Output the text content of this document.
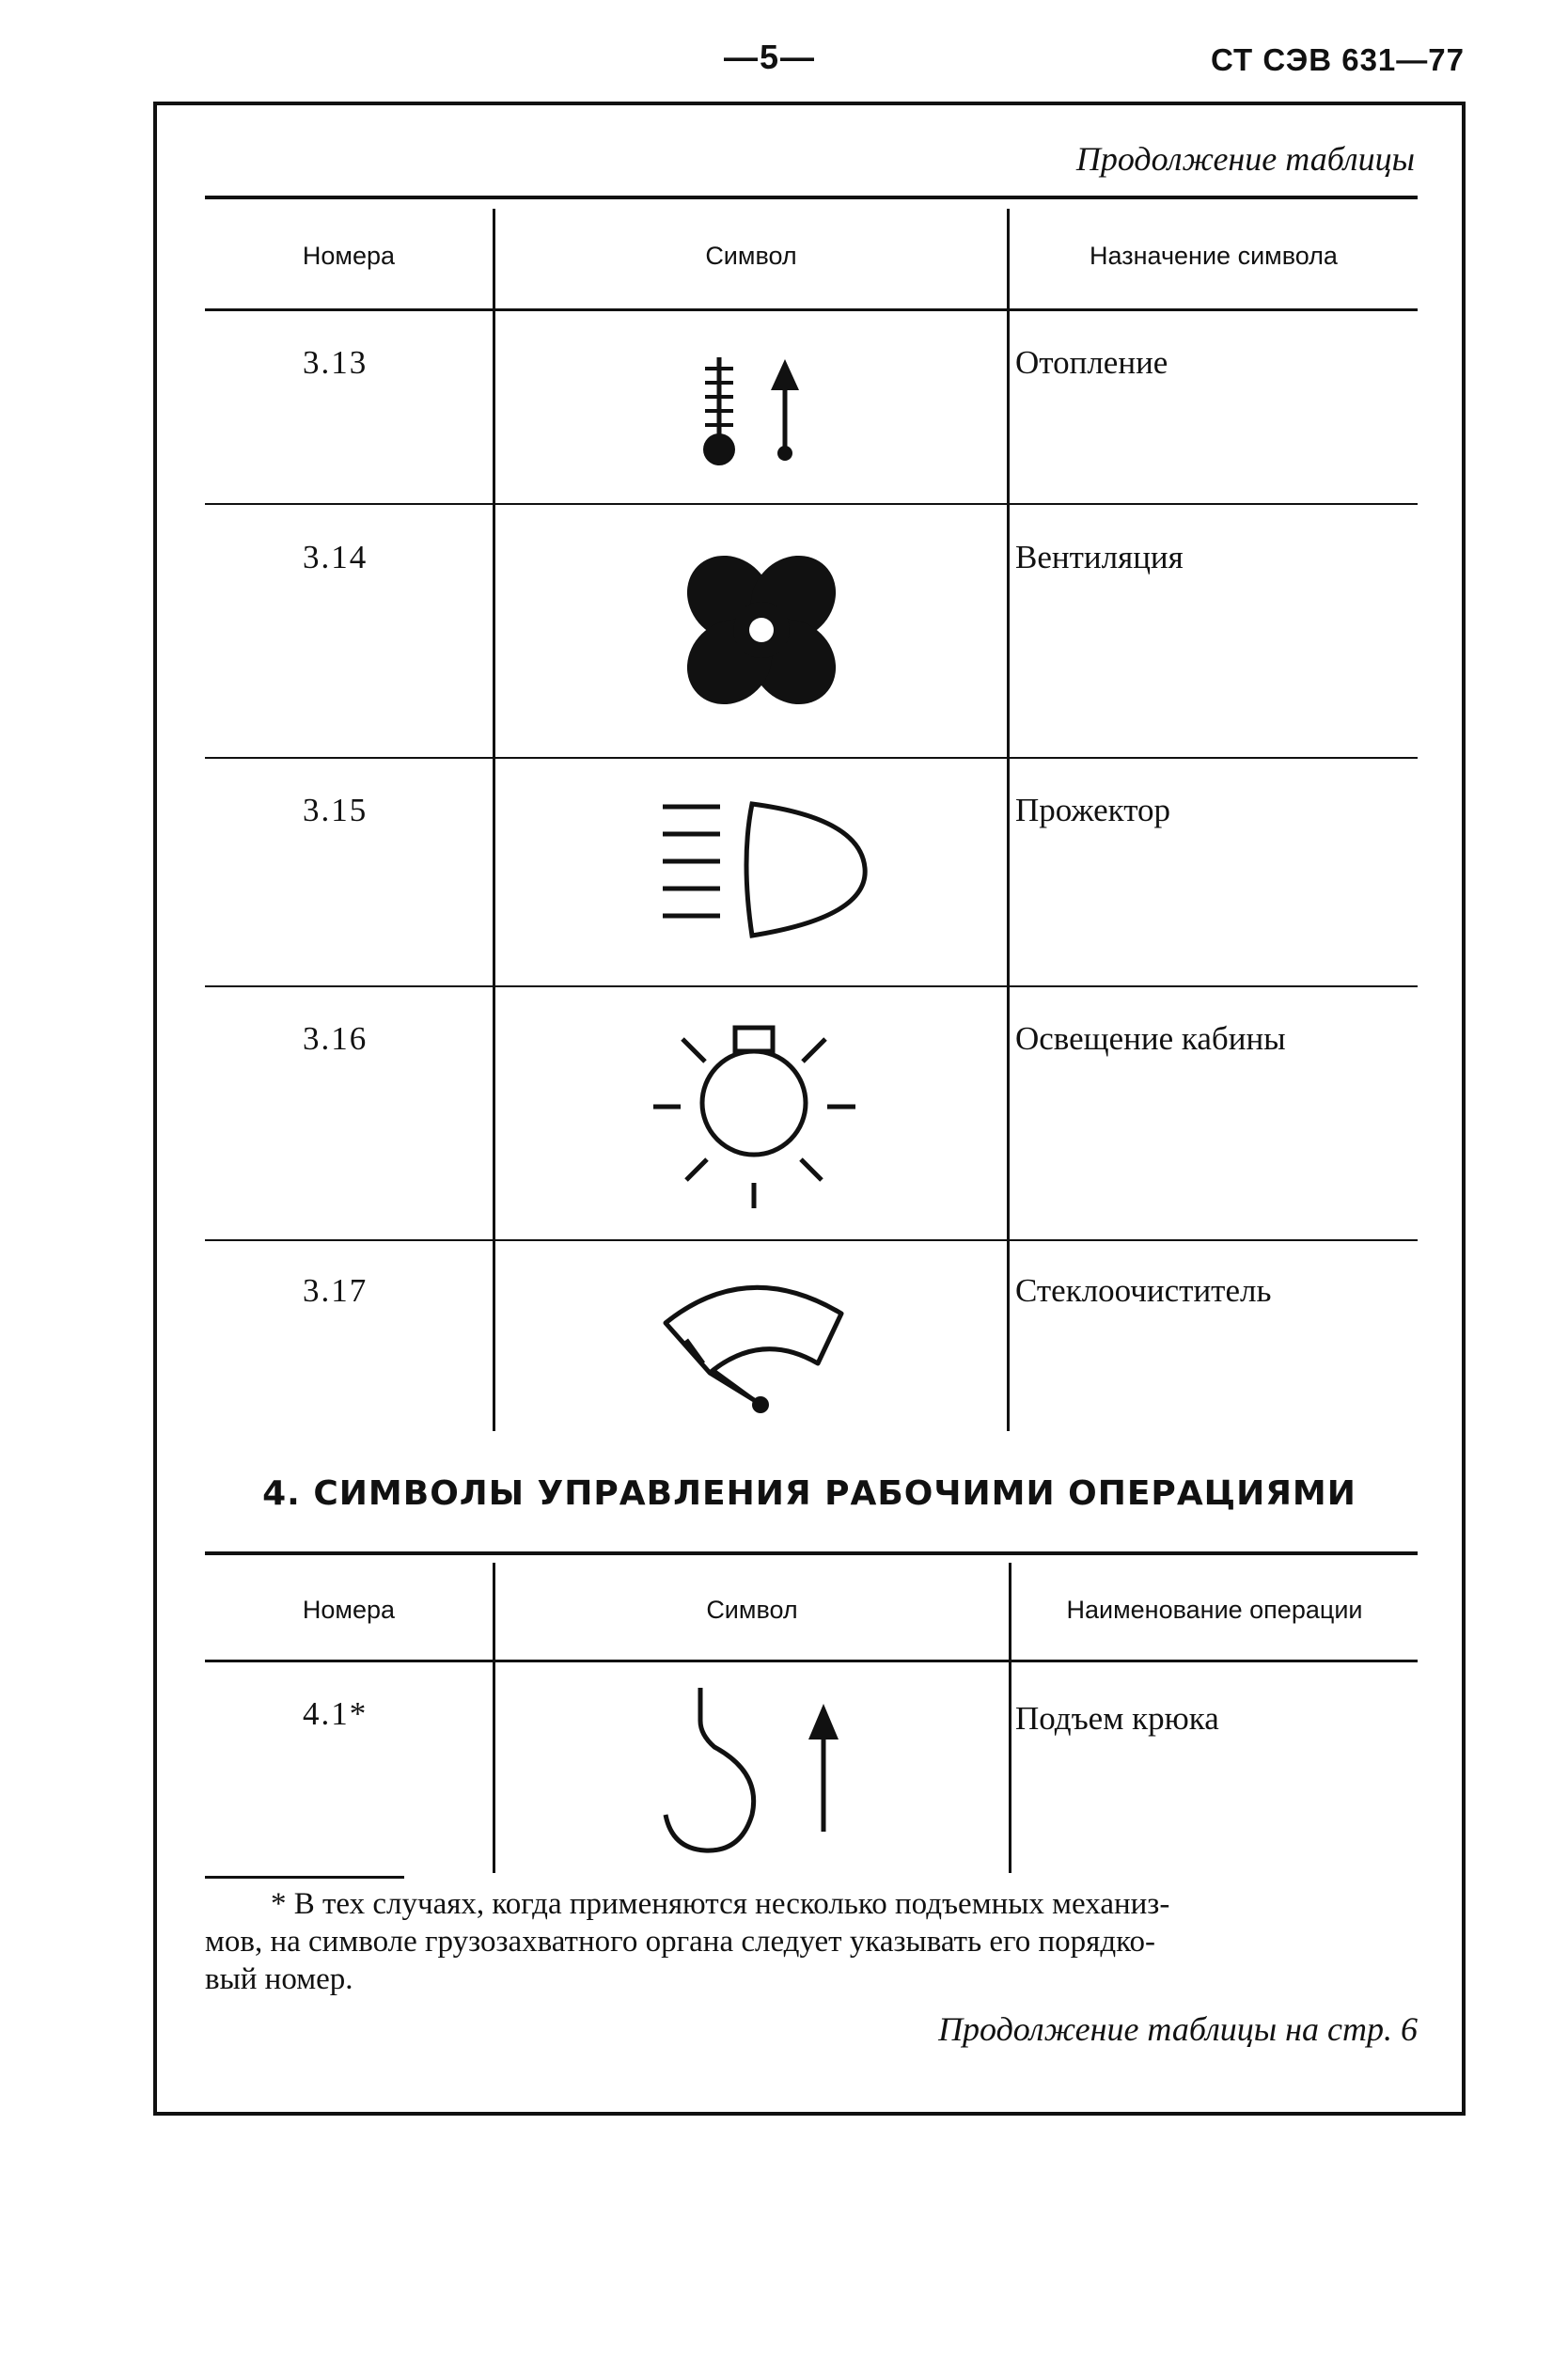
—5—	СТ СЭВ 631—77
Продолжение таблицы
Номера	Символ	Назначение символа
3.13	Отопление
3.14	Вентиляция
3.15	Прожектор
3.16	Освещение кабины
3.17	Стеклоочиститель
4. СИМВОЛЫ УПРАВЛЕНИЯ РАБОЧИМИ ОПЕРАЦИЯМИ
Номера	Символ	Наименование операции
4.1*	Подъем крюка
* В тех случаях, когда применяются несколько подъемных механиз-
мов, на символе грузозахватного органа следует указывать его порядко-
вый номер.
Продолжение таблицы на стр. 6
